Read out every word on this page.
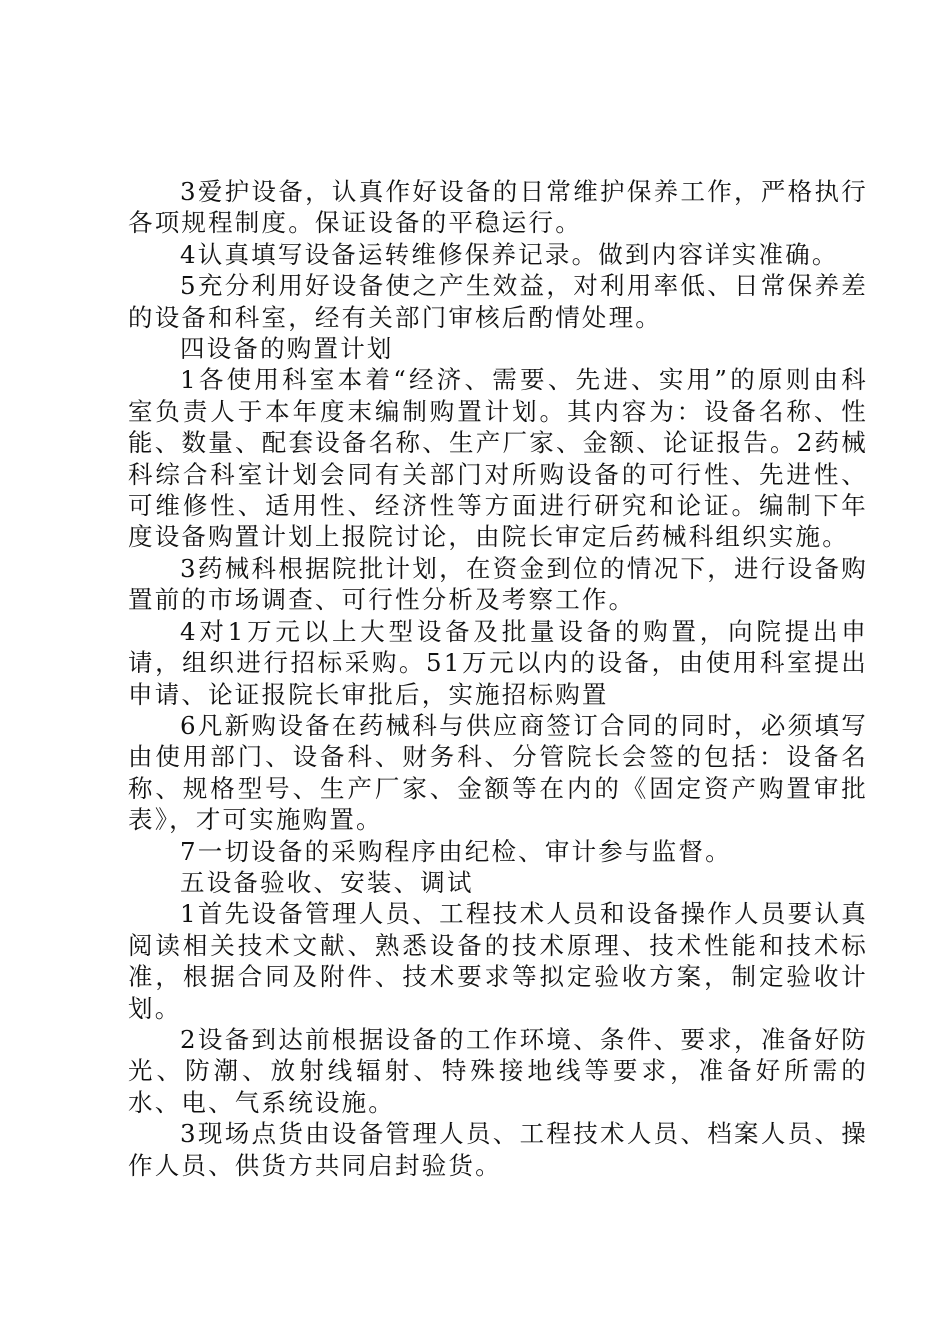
3爱护设备，认真作好设备的日常维护保养工作，严格执行各项规程制度。保证设备的平稳运行。

4认真填写设备运转维修保养记录。做到内容详实准确。

5充分利用好设备使之产生效益，对利用率低、日常保养差的设备和科室，经有关部门审核后酌情处理。

四设备的购置计划

1各使用科室本着“经济、需要、先进、实用”的原则由科室负责人于本年度末编制购置计划。其内容为：设备名称、性能、数量、配套设备名称、生产厂家、金额、论证报告。2药械科综合科室计划会同有关部门对所购设备的可行性、先进性、可维修性、适用性、经济性等方面进行研究和论证。编制下年度设备购置计划上报院讨论，由院长审定后药械科组织实施。

3药械科根据院批计划，在资金到位的情况下，进行设备购置前的市场调查、可行性分析及考察工作。

4对1万元以上大型设备及批量设备的购置，向院提出申请，组织进行招标采购。51万元以内的设备，由使用科室提出申请、论证报院长审批后，实施招标购置

6凡新购设备在药械科与供应商签订合同的同时，必须填写由使用部门、设备科、财务科、分管院长会签的包括：设备名称、规格型号、生产厂家、金额等在内的《固定资产购置审批表》，才可实施购置。

7一切设备的采购程序由纪检、审计参与监督。

五设备验收、安装、调试

1首先设备管理人员、工程技术人员和设备操作人员要认真阅读相关技术文献、熟悉设备的技术原理、技术性能和技术标准，根据合同及附件、技术要求等拟定验收方案，制定验收计划。

2设备到达前根据设备的工作环境、条件、要求，准备好防光、防潮、放射线辐射、特殊接地线等要求，准备好所需的水、电、气系统设施。

3现场点货由设备管理人员、工程技术人员、档案人员、操作人员、供货方共同启封验货。
